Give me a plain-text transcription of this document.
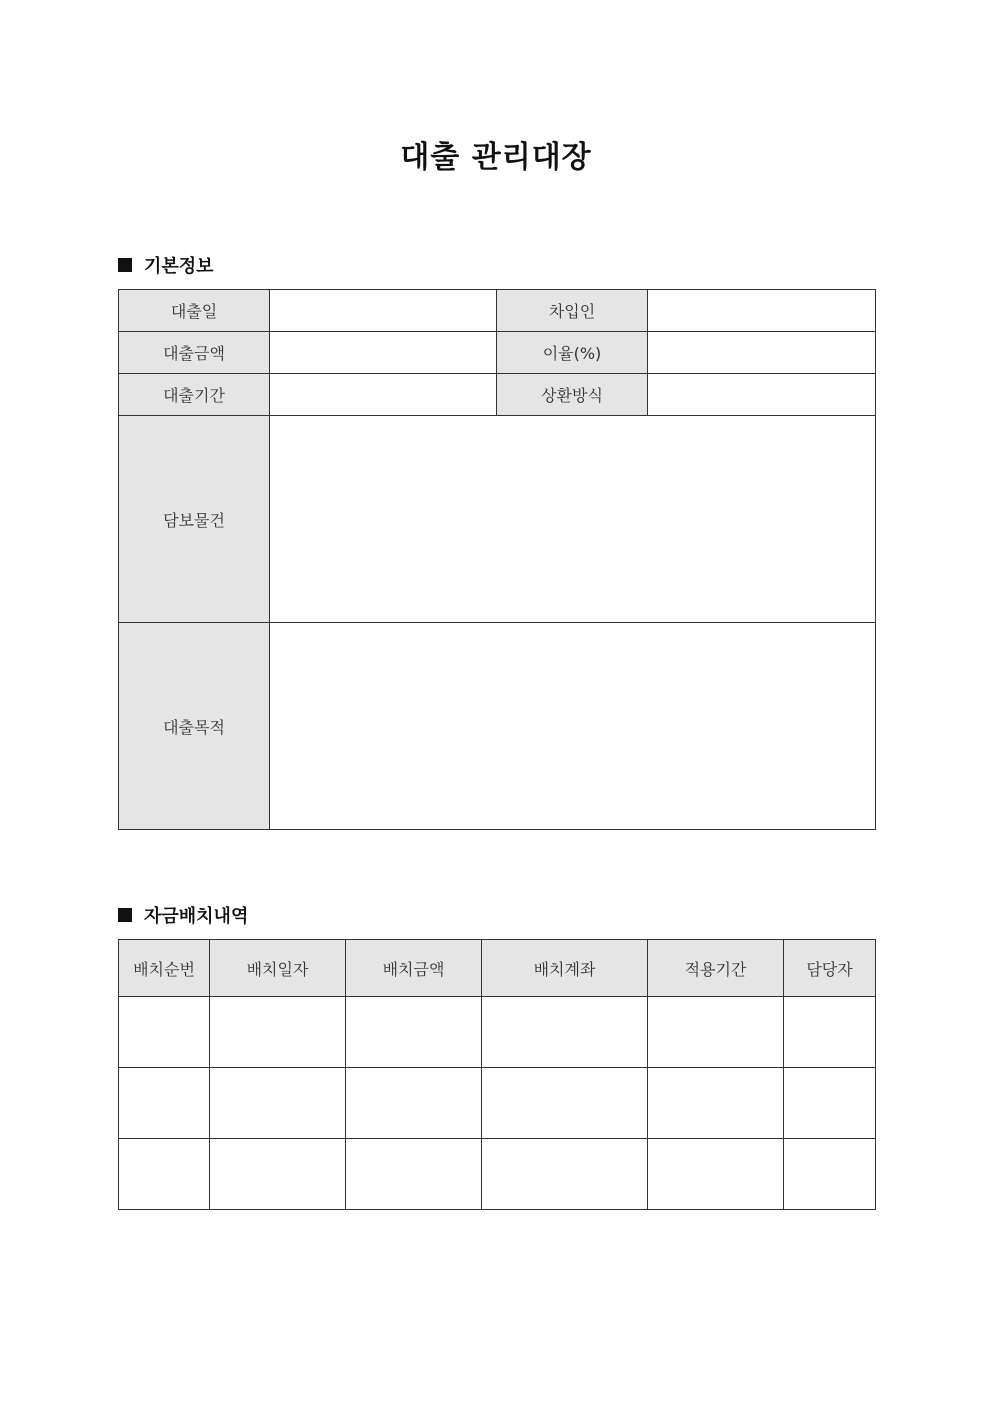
대출 관리대장
기본정보
대출일		차입인	
대출금액		이율(%)	
대출기간		상환방식	
담보물건			
대출목적			
자금배치내역
배치순번	배치일자	배치금액	배치계좌	적용기간	담당자
